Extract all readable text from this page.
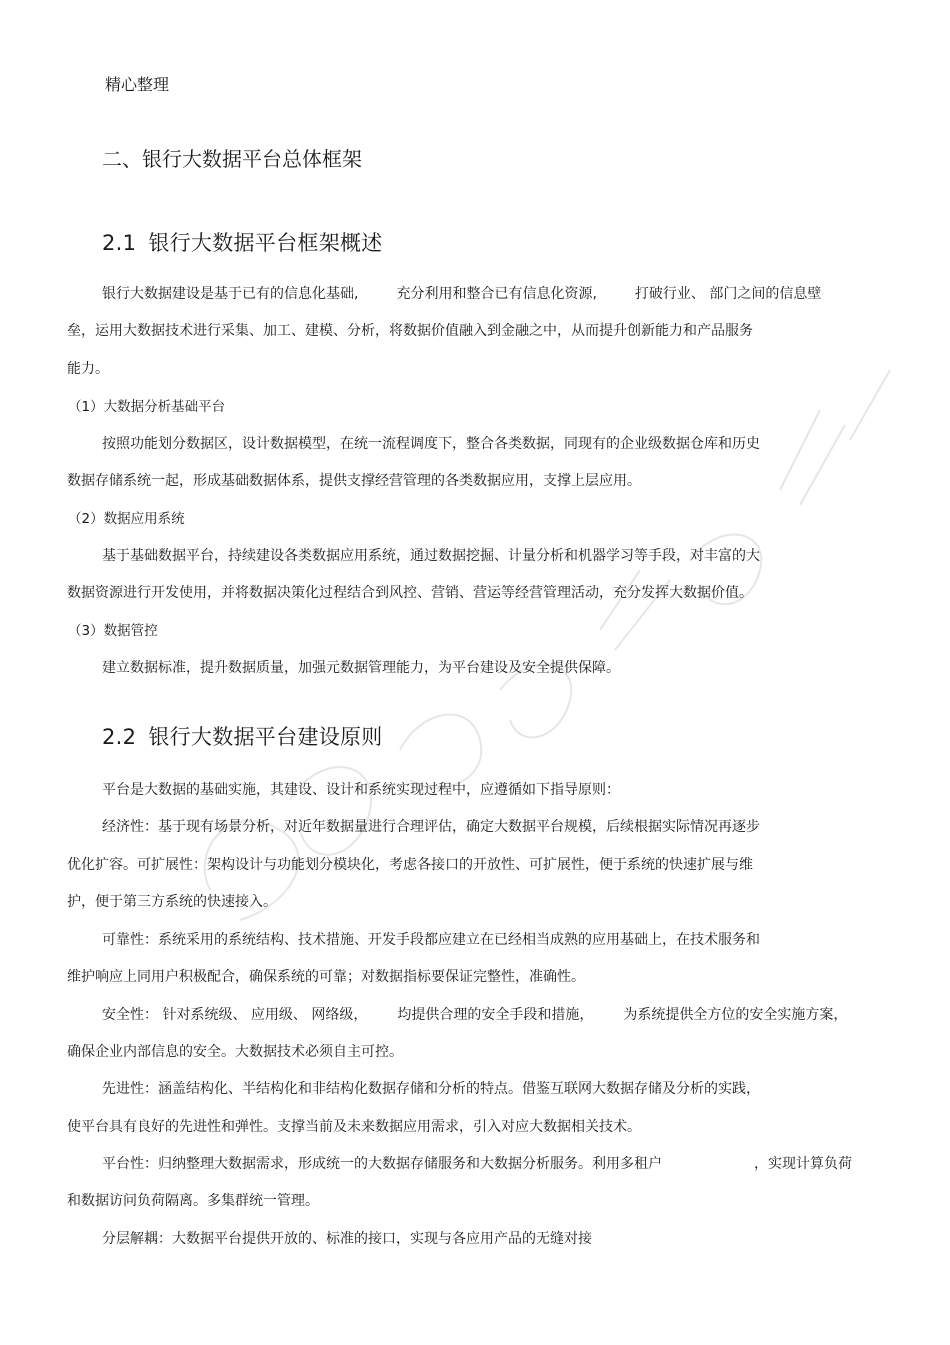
精心整理

二、银行大数据平台总体框架
2.1 银行大数据平台框架概述

银行大数据建设是基于已有的信息化基础,	充分利用和整合已有信息化资源,	打破行业、 部门之间的信息壁

垒，运用大数据技术进行采集、加工、建模、分析，将数据价值融入到金融之中，从而提升创新能力和产品服务

能力。

（1）大数据分析基础平台

按照功能划分数据区，设计数据模型，在统一流程调度下，整合各类数据，同现有的企业级数据仓库和历史

数据存储系统一起，形成基础数据体系，提供支撑经营管理的各类数据应用，支撑上层应用。

（2）数据应用系统

基于基础数据平台，持续建设各类数据应用系统，通过数据挖掘、计量分析和机器学习等手段，对丰富的大

数据资源进行开发使用，并将数据决策化过程结合到风控、营销、营运等经营管理活动，充分发挥大数据价值。

（3）数据管控

建立数据标准，提升数据质量，加强元数据管理能力，为平台建设及安全提供保障。

2.2 银行大数据平台建设原则

平台是大数据的基础实施，其建设、设计和系统实现过程中，应遵循如下指导原则：

经济性：基于现有场景分析，对近年数据量进行合理评估，确定大数据平台规模，后续根据实际情况再逐步

优化扩容。可扩展性：架构设计与功能划分模块化，考虑各接口的开放性、可扩展性，便于系统的快速扩展与维

护，便于第三方系统的快速接入。

可靠性：系统采用的系统结构、技术措施、开发手段都应建立在已经相当成熟的应用基础上，在技术服务和

维护响应上同用户积极配合，确保系统的可靠；对数据指标要保证完整性，准确性。

安全性： 针对系统级、 应用级、 网络级， 均提供合理的安全手段和措施， 为系统提供全方位的安全实施方案，

确保企业内部信息的安全。大数据技术必须自主可控。

先进性：涵盖结构化、半结构化和非结构化数据存储和分析的特点。借鉴互联网大数据存储及分析的实践，

使平台具有良好的先进性和弹性。支撑当前及未来数据应用需求，引入对应大数据相关技术。

平台性：归纳整理大数据需求，形成统一的大数据存储服务和大数据分析服务。利用多租户	，实现计算负荷

和数据访问负荷隔离。多集群统一管理。

分层解耦：大数据平台提供开放的、标准的接口，实现与各应用产品的无缝对接
